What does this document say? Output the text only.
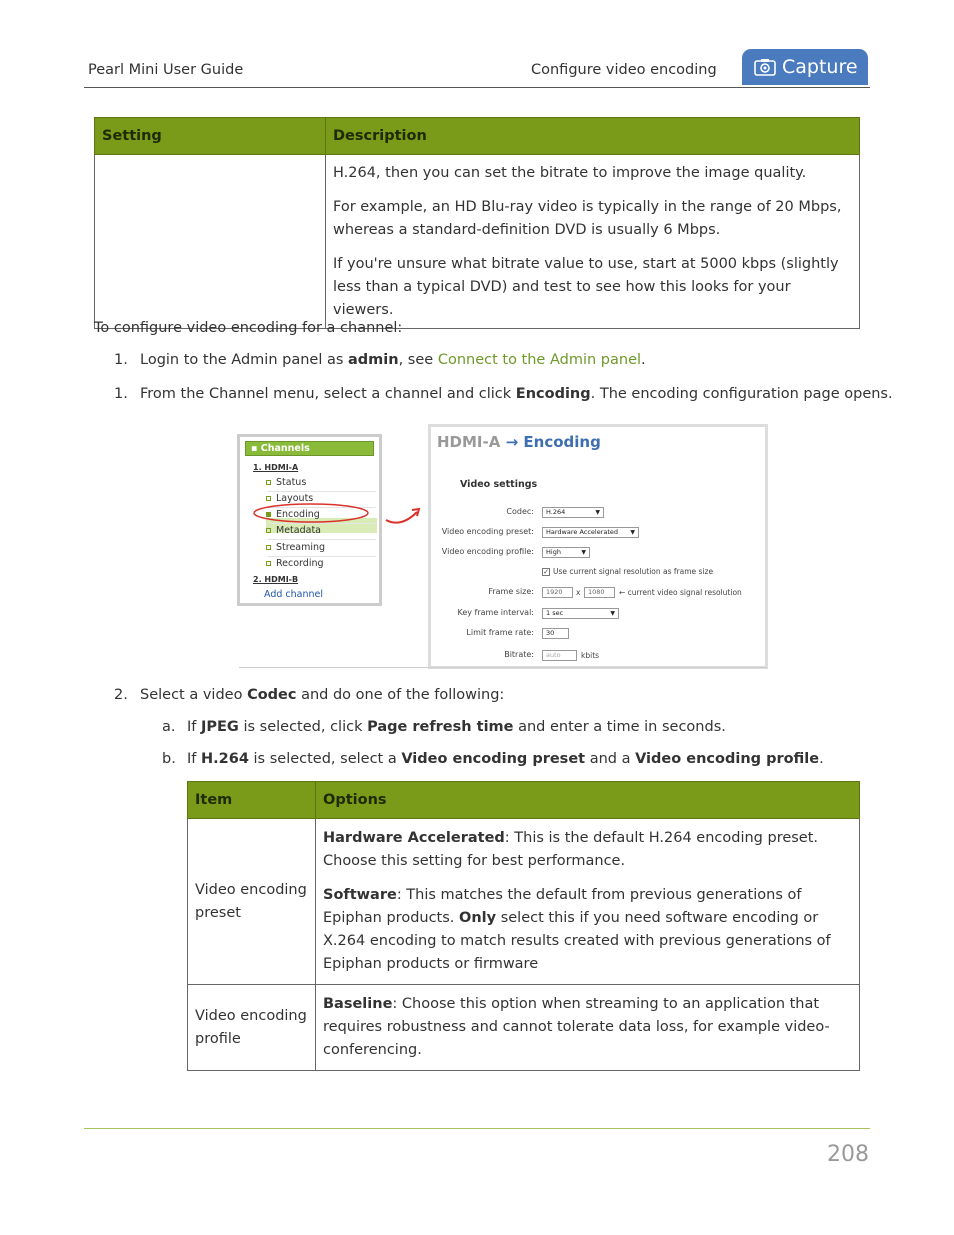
Pearl Mini User Guide	Configure video encoding	Capture
Setting	Description

	H.264, then you can set the bitrate to improve the image quality.

For example, an HD Blu-ray video is typically in the range of 20 Mbps, whereas a standard-definition DVD is usually 6 Mbps.

If you're unsure what bitrate value to use, start at 5000 kbps (slightly less than a typical DVD) and test to see how this looks for your viewers.

To configure video encoding for a channel:
1. Login to the Admin panel as admin, see Connect to the Admin panel.
1. From the Channel menu, select a channel and click Encoding. The encoding configuration page opens.
▪ Channels
1. HDMI-A
Status
Layouts
Encoding
Metadata
Streaming
Recording
2. HDMI-B
Add channel
HDMI-A → Encoding
Video settings
Codec:	H.264	▼
Video encoding preset:	Hardware Accelerated ▼
Video encoding profile:	High	▼
✓ Use current signal resolution as frame size
Frame size:	1920	x	1080	← current video signal resolution
Key frame interval:	1 sec	▼
Limit frame rate:	30
Bitrate:	auto	kbits
2. Select a video Codec and do one of the following:
a. If JPEG is selected, click Page refresh time and enter a time in seconds.
b. If H.264 is selected, select a Video encoding preset and a Video encoding profile.
Item	Options
Video encoding preset	Hardware Accelerated: This is the default H.264 encoding preset. Choose this setting for best performance.

Software: This matches the default from previous generations of Epiphan products. Only select this if you need software encoding or X.264 encoding to match results created with previous generations of Epiphan products or firmware

Video encoding profile	Baseline: Choose this option when streaming to an application that requires robustness and cannot tolerate data loss, for example video-conferencing.

208
